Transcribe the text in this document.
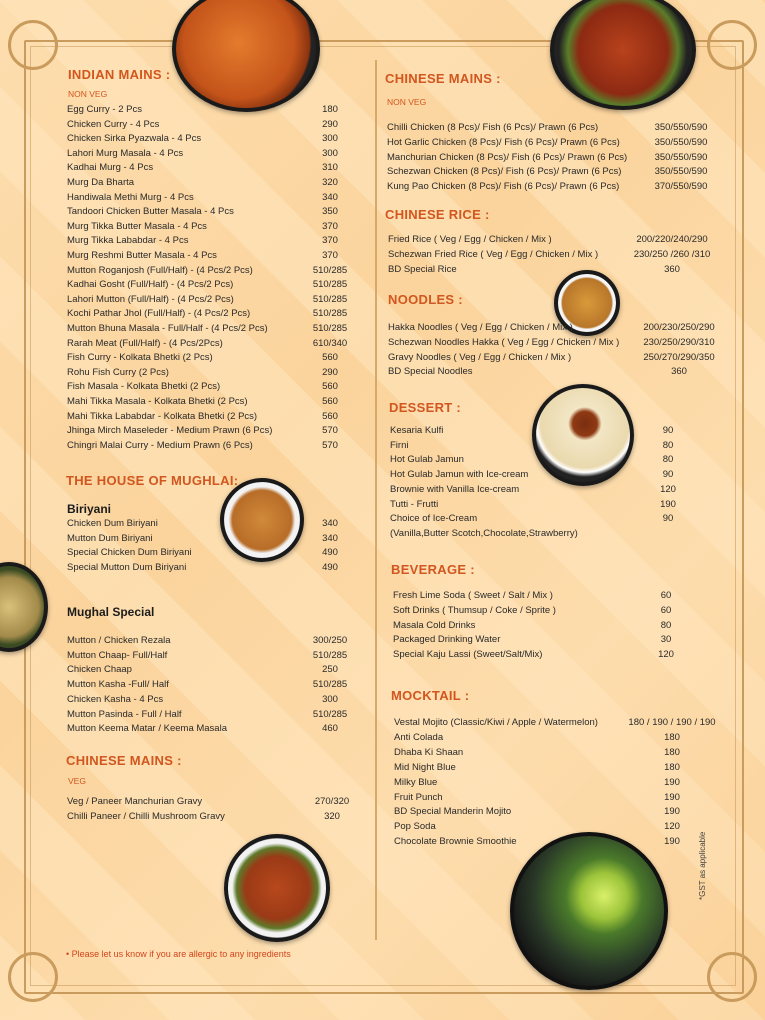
INDIAN MAINS :
NON VEG
Egg Curry - 2 Pcs	180
Chicken Curry - 4 Pcs	290
Chicken Sirka Pyazwala - 4 Pcs	300
Lahori Murg Masala - 4 Pcs	300
Kadhai Murg - 4 Pcs	310
Murg Da Bharta	320
Handiwala Methi Murg - 4 Pcs	340
Tandoori Chicken Butter Masala - 4 Pcs	350
Murg Tikka Butter Masala - 4 Pcs	370
Murg Tikka Lababdar - 4 Pcs	370
Murg Reshmi Butter Masala - 4 Pcs	370
Mutton Roganjosh (Full/Half) - (4 Pcs/2 Pcs)	510/285
Kadhai Gosht (Full/Half) - (4 Pcs/2 Pcs)	510/285
Lahori Mutton (Full/Half) - (4 Pcs/2 Pcs)	510/285
Kochi Pathar Jhol (Full/Half) - (4 Pcs/2 Pcs)	510/285
Mutton Bhuna Masala - Full/Half - (4 Pcs/2 Pcs)	510/285
Rarah Meat (Full/Half) - (4 Pcs/2Pcs)	610/340
Fish Curry - Kolkata Bhetki (2 Pcs)	560
Rohu Fish Curry (2 Pcs)	290
Fish Masala - Kolkata Bhetki (2 Pcs)	560
Mahi Tikka Masala - Kolkata Bhetki (2 Pcs)	560
Mahi Tikka Lababdar - Kolkata Bhetki (2 Pcs)	560
Jhinga Mirch Maseleder - Medium Prawn (6 Pcs)	570
Chingri Malai Curry - Medium Prawn (6 Pcs)	570
THE HOUSE OF MUGHLAI:
Biriyani
Chicken Dum Biriyani	340
Mutton Dum Biriyani	340
Special Chicken Dum Biriyani	490
Special Mutton Dum Biriyani	490
Mughal Special
Mutton / Chicken Rezala	300/250
Mutton Chaap- Full/Half	510/285
Chicken Chaap	250
Mutton Kasha -Full/ Half	510/285
Chicken Kasha - 4 Pcs	300
Mutton Pasinda - Full / Half	510/285
Mutton Keema Matar / Keema Masala	460
CHINESE MAINS :
VEG
Veg / Paneer Manchurian Gravy	270/320
Chilli Paneer / Chilli Mushroom Gravy	320
• Please let us know if you are allergic to any ingredients
CHINESE MAINS :
NON VEG
Chilli Chicken (8 Pcs)/ Fish (6 Pcs)/ Prawn (6 Pcs)	350/550/590
Hot Garlic Chicken (8 Pcs)/ Fish (6 Pcs)/ Prawn (6 Pcs)	350/550/590
Manchurian Chicken (8 Pcs)/ Fish (6 Pcs)/ Prawn (6 Pcs)	350/550/590
Schezwan Chicken (8 Pcs)/ Fish (6 Pcs)/ Prawn (6 Pcs)	350/550/590
Kung Pao Chicken (8 Pcs)/ Fish (6 Pcs)/ Prawn (6 Pcs)	370/550/590
CHINESE RICE :
Fried Rice ( Veg / Egg / Chicken / Mix )	200/220/240/290
Schezwan Fried Rice ( Veg / Egg / Chicken / Mix )	230/250 /260 /310
BD Special Rice	360
NOODLES :
Hakka Noodles ( Veg / Egg / Chicken / Mix )	200/230/250/290
Schezwan Noodles Hakka ( Veg / Egg / Chicken / Mix )	230/250/290/310
Gravy Noodles ( Veg / Egg / Chicken / Mix )	250/270/290/350
BD Special Noodles	360
DESSERT :
Kesaria Kulfi	90
Firni	80
Hot Gulab Jamun	80
Hot Gulab Jamun with Ice-cream	90
Brownie with Vanilla Ice-cream	120
Tutti - Frutti	190
Choice of Ice-Cream	90
(Vanilla,Butter Scotch,Chocolate,Strawberry)
BEVERAGE :
Fresh Lime Soda ( Sweet / Salt / Mix )	60
Soft Drinks ( Thumsup / Coke / Sprite )	60
Masala Cold Drinks	80
Packaged Drinking Water	30
Special Kaju Lassi (Sweet/Salt/Mix)	120
MOCKTAIL :
Vestal Mojito (Classic/Kiwi / Apple / Watermelon)	180 / 190 / 190 / 190
Anti Colada	180
Dhaba Ki Shaan	180
Mid Night Blue	180
Milky Blue	190
Fruit Punch	190
BD Special Manderin Mojito	190
Pop Soda	120
Chocolate Brownie Smoothie	190	*GST as applicable
